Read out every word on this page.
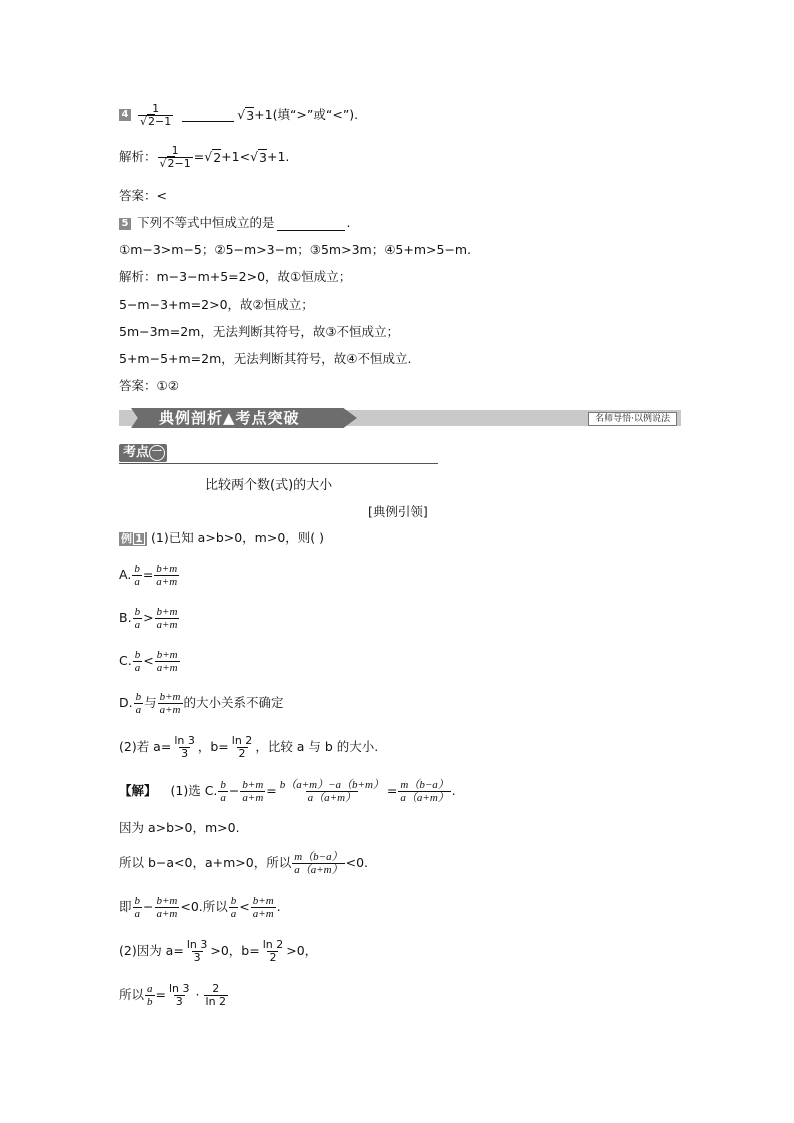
$4 \frac{1}{√2-1}$	√ 3 +1(填“>”或“<”).
解析： $\frac{1}{√2-1}$ = √ 2 +1< √ 3 +1.
答案：<
5 下列不等式中恒成立的是	.
①m−3>m−5；②5−m>3−m；③5m>3m；④5+m>5−m.
解析：m−3−m+5=2>0，故①恒成立；
5−m−3+m=2>0，故②恒成立；
5m−3m=2m，无法判断其符号，故③不恒成立；
5+m−5+m=2m，无法判断其符号，故④不恒成立.
答案：①②
典例剖析▲考点突破	名师导悟·以例说法
考点 一
比较两个数(式)的大小
[典例引领]
例 1 (1)已知 a>b>0，m>0，则( )
A. $\frac{b}{a} = \frac{b+m}{a+m}$
B. $\frac{b}{a} > \frac{b+m}{a+m}$
C. $\frac{b}{a} < \frac{b+m}{a+m}$
D. $\frac{b}{a}$ 与 $\frac{b+m}{a+m}$ 的大小关系不确定
(2)若 $a= \frac{\ln 3}{3}$ ，$b= \frac{\ln 2}{2}$ ，比较 a 与 b 的大小.
【解】 (1)选 C. $\frac{b}{a} - \frac{b+m}{a+m} = \frac{b(a+m)-a(b+m)}{a(a+m)} = \frac{m(b-a)}{a(a+m)}$ .
因为 a>b>0，m>0.
所以 b−a<0，a+m>0，所以 $\frac{m(b-a)}{a(a+m)} <0$.
即 $\frac{b}{a} - \frac{b+m}{a+m} <0$.所以 $\frac{b}{a} < \frac{b+m}{a+m}$ .
(2)因为 $a= \frac{\ln 3}{3} >0$，$b= \frac{\ln 2}{2} >0$，
所以 $\frac{a}{b} = \frac{\ln 3}{3} \cdot \frac{2}{\ln 2}$
